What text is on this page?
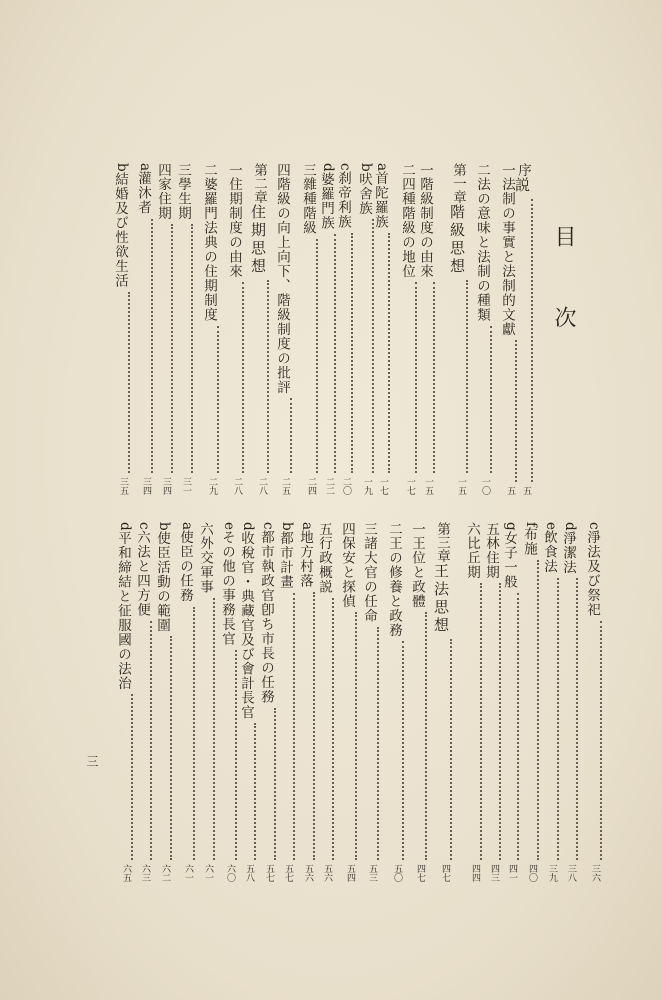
目 次
序
説
五
一
法制の事實と法制的文獻
五
二
法の意味と法制の種類
一〇
第一章
階級思想
一五
一
階級制度の由來
一五
二
四種階級の地位
一七
a
首陀羅族
一七
b
吠舍族
一九
c
刹帝利族
二〇
d
婆羅門族
二二
三
雜種階級
二四
四
階級の向上向下、階級制度の批評
二五
第二章
住期思想
二八
一
住期制度の由來
二八
二
婆羅門法典の住期制度
二九
三
學生期
三一
四
家住期
三四
a
灌沐者
三四
b
結婚及び性欲生活
三五
c
淨法及び祭祀
三六
d
淨潔法
三八
e
飲食法
三九
f
布施
四〇
g
女子一般
四一
五
林住期
四三
六
比丘期
四四
第三章
王法思想
四七
一
王位と政體
四七
二
王の修養と政務
五〇
三
諸大官の任命
五三
四
保安と探偵
五四
五
行政概説
五六
a
地方村落
五六
b
都市計畫
五七
c
都市執政官卽ち市長の任務
五七
d
收稅官・典藏官及び會計長官
五八
e
その他の事務長官
六〇
六
外交軍事
六一
a
使臣の任務
六一
b
使臣活動の範圍
六二
c
六法と四方便
六三
d
平和締結と征服國の法治
六五
三
